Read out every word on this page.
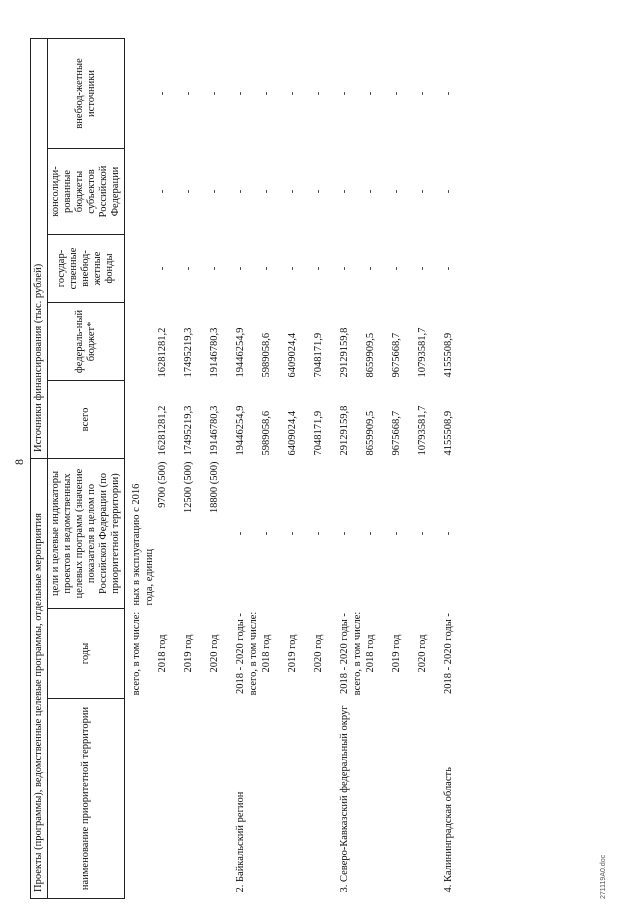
8
Проекты (программы), ведомственные целевые программы, отдельные мероприятия			Источники финансирования (тыс. рублей)				
наименование приоритетной территории	годы	цели и целевые индикаторы проектов и ведомственных целевых программ (значение показателя в целом по Российской Федерации (по приоритетной территории)	всего	федераль-ный бюджет*	государ-ственные внебюд-жетные фонды	консолиди-рованные бюджеты субъектов Российской Федерации	внебюд-жетные источники

	всего, в том числе:	ных в эксплуатацию с 2016 года, единиц					
	2018 год	9700 (500)	16281281,2	16281281,2	-	-	-
	2019 год	12500 (500)	17495219,3	17495219,3	-	-	-
	2020 год	18800 (500)	19146780,3	19146780,3	-	-	-
2. Байкальский регион	2018 - 2020 годы - всего, в том числе:	-	19446254,9	19446254,9	-	-	-
	2018 год	-	5989058,6	5989058,6	-	-	-
	2019 год	-	6409024,4	6409024,4	-	-	-
	2020 год	-	7048171,9	7048171,9	-	-	-
3. Северо-Кавказский федеральный округ	2018 - 2020 годы - всего, в том числе:	-	29129159,8	29129159,8	-	-	-
	2018 год	-	8659909,5	8659909,5	-	-	-
	2019 год	-	9675668,7	9675668,7	-	-	-
	2020 год	-	10793581,7	10793581,7	-	-	-
4. Калининградская область	2018 - 2020 годы -	-	4155508,9	4155508,9	-	-	-
271119A0.doc
